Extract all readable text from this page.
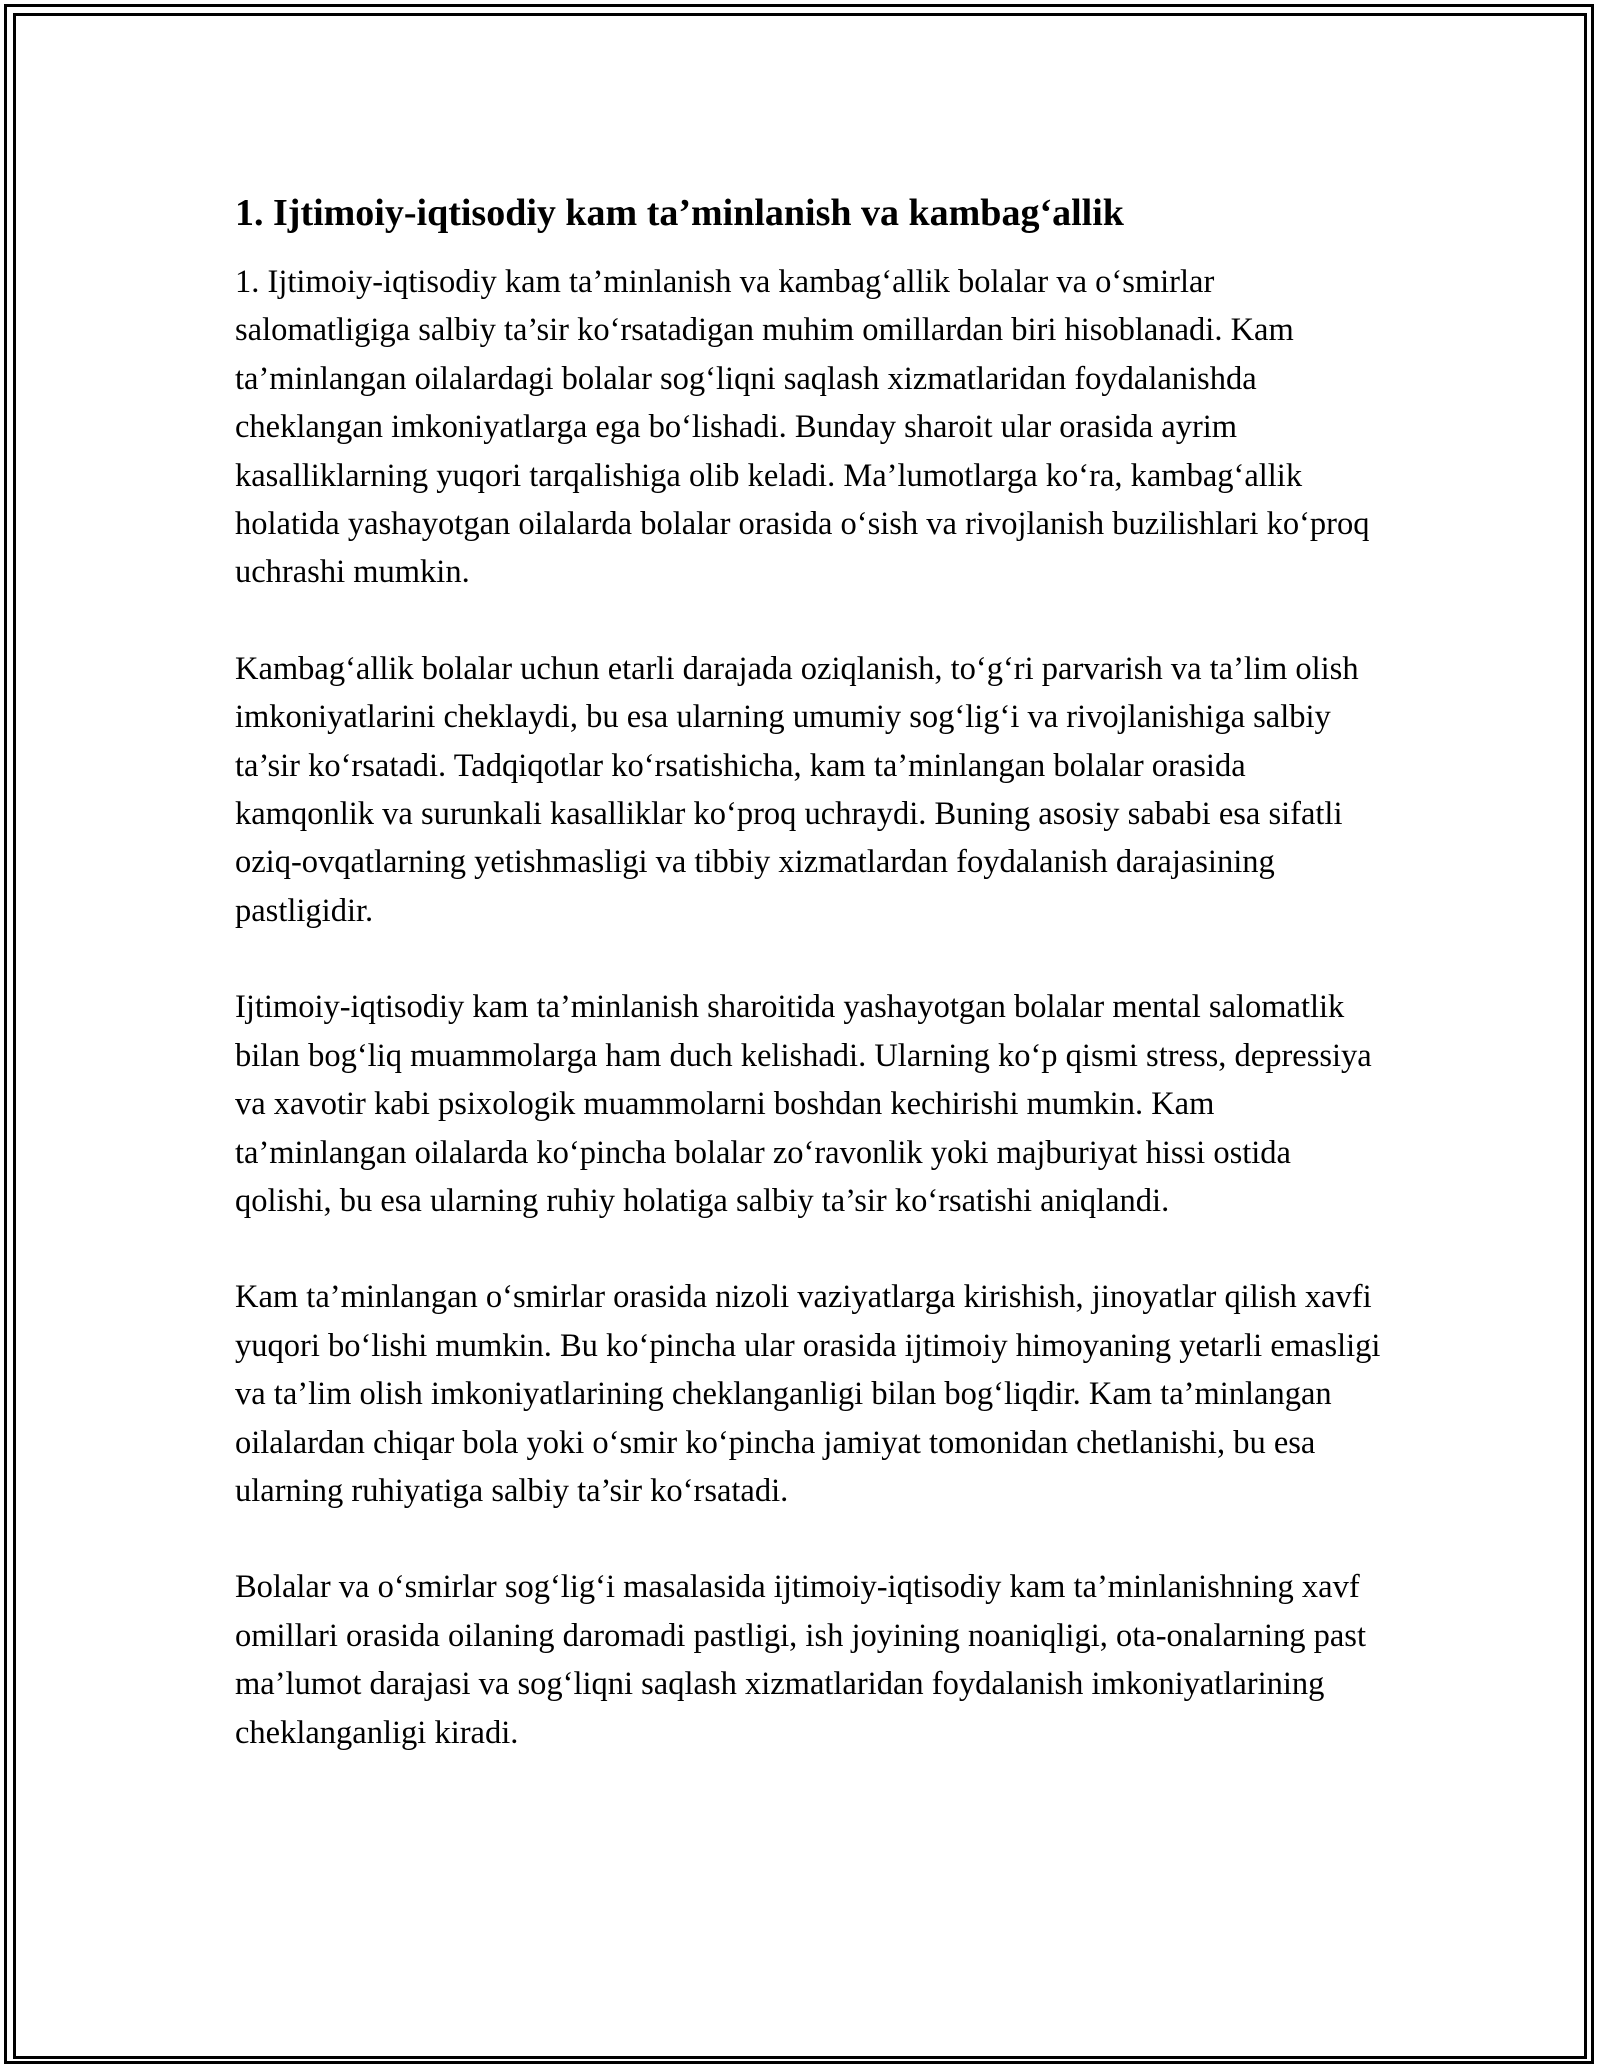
1. Ijtimoiy-iqtisodiy kam ta’minlanish va kambag‘allik

1. Ijtimoiy-iqtisodiy kam ta’minlanish va kambag‘allik bolalar va o‘smirlar salomatligiga salbiy ta’sir ko‘rsatadigan muhim omillardan biri hisoblanadi. Kam ta’minlangan oilalardagi bolalar sog‘liqni saqlash xizmatlaridan foydalanishda cheklangan imkoniyatlarga ega bo‘lishadi. Bunday sharoit ular orasida ayrim kasalliklarning yuqori tarqalishiga olib keladi. Ma’lumotlarga ko‘ra, kambag‘allik holatida yashayotgan oilalarda bolalar orasida o‘sish va rivojlanish buzilishlari ko‘proq uchrashi mumkin.

Kambag‘allik bolalar uchun etarli darajada oziqlanish, to‘g‘ri parvarish va ta’lim olish imkoniyatlarini cheklaydi, bu esa ularning umumiy sog‘lig‘i va rivojlanishiga salbiy ta’sir ko‘rsatadi. Tadqiqotlar ko‘rsatishicha, kam ta’minlangan bolalar orasida kamqonlik va surunkali kasalliklar ko‘proq uchraydi. Buning asosiy sababi esa sifatli oziq-ovqatlarning yetishmasligi va tibbiy xizmatlardan foydalanish darajasining pastligidir.

Ijtimoiy-iqtisodiy kam ta’minlanish sharoitida yashayotgan bolalar mental salomatlik bilan bog‘liq muammolarga ham duch kelishadi. Ularning ko‘p qismi stress, depressiya va xavotir kabi psixologik muammolarni boshdan kechirishi mumkin. Kam ta’minlangan oilalarda ko‘pincha bolalar zo‘ravonlik yoki majburiyat hissi ostida qolishi, bu esa ularning ruhiy holatiga salbiy ta’sir ko‘rsatishi aniqlandi.

Kam ta’minlangan o‘smirlar orasida nizoli vaziyatlarga kirishish, jinoyatlar qilish xavfi yuqori bo‘lishi mumkin. Bu ko‘pincha ular orasida ijtimoiy himoyaning yetarli emasligi va ta’lim olish imkoniyatlarining cheklanganligi bilan bog‘liqdir. Kam ta’minlangan oilalardan chiqar bola yoki o‘smir ko‘pincha jamiyat tomonidan chetlanishi, bu esa ularning ruhiyatiga salbiy ta’sir ko‘rsatadi.

Bolalar va o‘smirlar sog‘lig‘i masalasida ijtimoiy-iqtisodiy kam ta’minlanishning xavf omillari orasida oilaning daromadi pastligi, ish joyining noaniqligi, ota-onalarning past ma’lumot darajasi va sog‘liqni saqlash xizmatlaridan foydalanish imkoniyatlarining cheklanganligi kiradi.
